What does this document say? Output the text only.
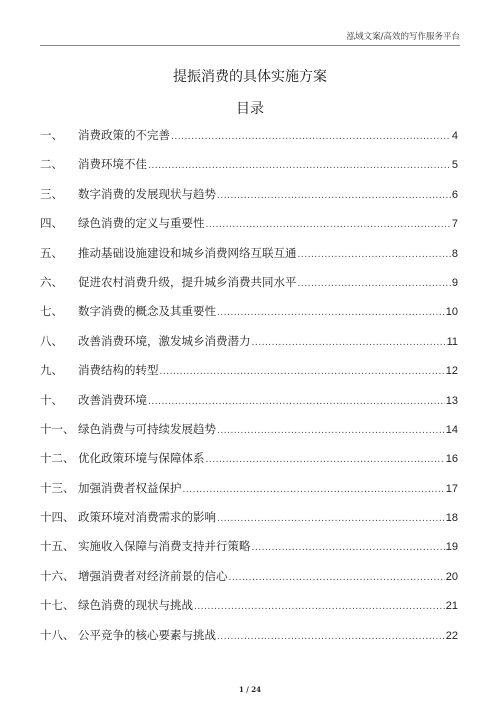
泓域文案/高效的写作服务平台
提振消费的具体实施方案
目录
一、	消费政策的不完善 .....	4
二、	消费环境不佳 .....	5
三、	数字消费的发展现状与趋势 .....	6
四、	绿色消费的定义与重要性 .....	7
五、	推动基础设施建设和城乡消费网络互联互通 .....	8
六、	促进农村消费升级，提升城乡消费共同水平 .....	9
七、	数字消费的概念及其重要性 .....	10
八、	改善消费环境，激发城乡消费潜力 .....	11
九、	消费结构的转型 .....	12
十、	改善消费环境 .....	13
十一、 绿色消费与可持续发展趋势 .....	14
十二、 优化政策环境与保障体系 .....	16
十三、 加强消费者权益保护 .....	17
十四、 政策环境对消费需求的影响 .....	18
十五、 实施收入保障与消费支持并行策略 .....	19
十六、 增强消费者对经济前景的信心 .....	20
十七、 绿色消费的现状与挑战 .....	21
十八、 公平竞争的核心要素与挑战 .....	22
1 / 24
